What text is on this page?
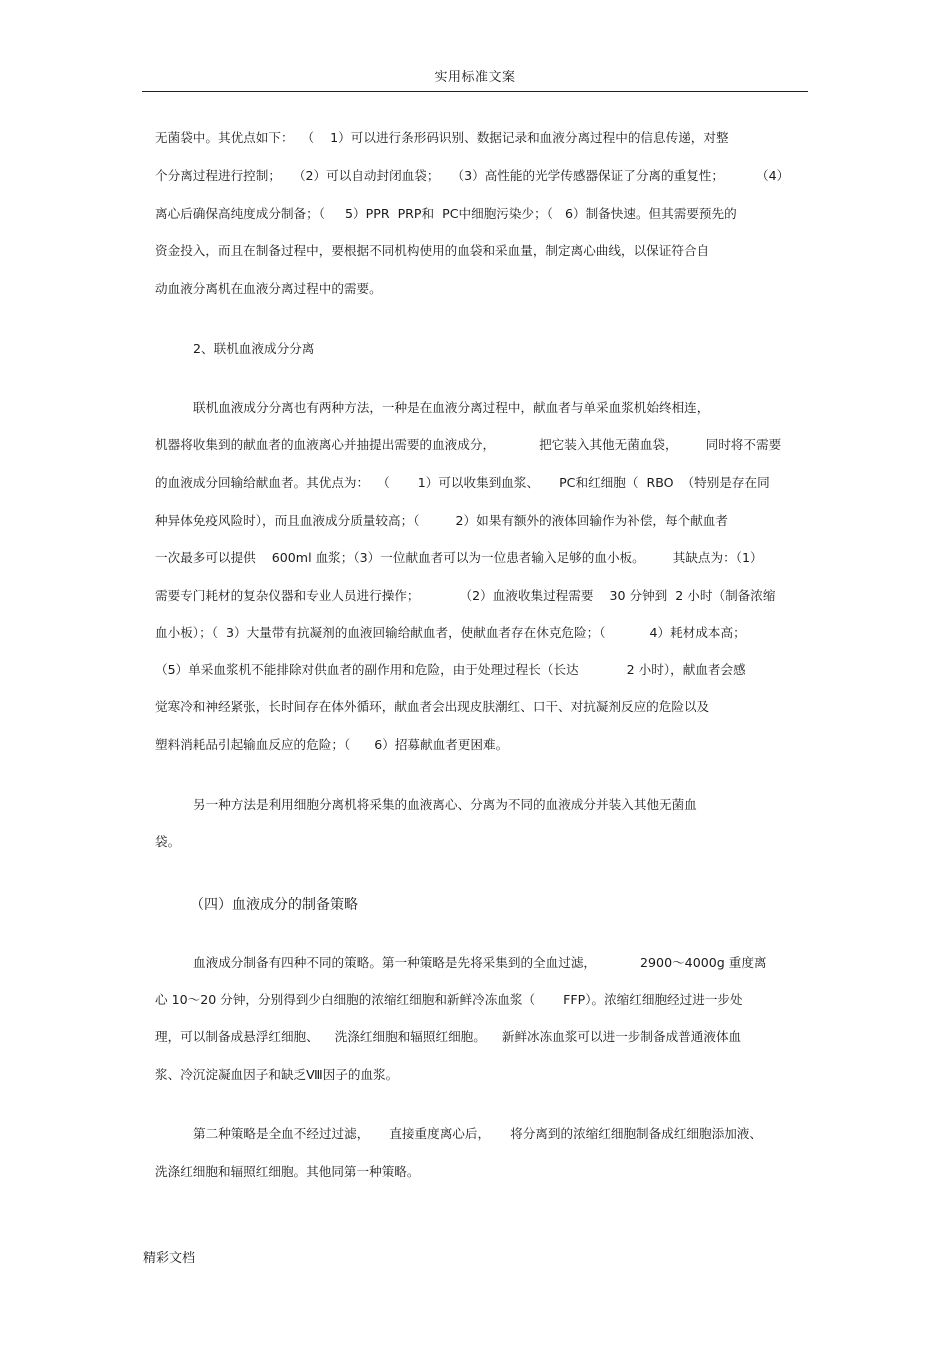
实用标准文案
无菌袋中。其优点如下：  （    1）可以进行条形码识别、数据记录和血液分离过程中的信息传递，对整
个分离过程进行控制；   （2）可以自动封闭血袋；   （3）高性能的光学传感器保证了分离的重复性；        （4）
离心后确保高纯度成分制备；（     5）PPR  PRP和  PC中细胞污染少；（   6）制备快速。但其需要预先的
资金投入，而且在制备过程中，要根据不同机构使用的血袋和采血量，制定离心曲线，以保证符合自
动血液分离机在血液分离过程中的需要。
2、联机血液成分分离
联机血液成分分离也有两种方法，一种是在血液分离过程中，献血者与单采血浆机始终相连，
机器将收集到的献血者的血液离心并抽提出需要的血液成分，           把它装入其他无菌血袋，       同时将不需要
的血液成分回输给献血者。其优点为：  （       1）可以收集到血浆、     PC和红细胞（  RBO  （特别是存在同
种异体免疫风险时），而且血液成分质量较高；（         2）如果有额外的液体回输作为补偿，每个献血者
一次最多可以提供    600ml 血浆；（3）一位献血者可以为一位患者输入足够的血小板。       其缺点为：（1）
需要专门耗材的复杂仪器和专业人员进行操作；          （2）血液收集过程需要    30 分钟到  2 小时（制备浓缩
血小板）；（  3）大量带有抗凝剂的血液回输给献血者，使献血者存在休克危险；（           4）耗材成本高；
（5）单采血浆机不能排除对供血者的副作用和危险，由于处理过程长（长达            2 小时），献血者会感
觉寒冷和神经紧张，长时间存在体外循环，献血者会出现皮肤潮红、口干、对抗凝剂反应的危险以及
塑料消耗品引起输血反应的危险；（      6）招募献血者更困难。
另一种方法是利用细胞分离机将采集的血液离心、分离为不同的血液成分并装入其他无菌血
袋。
（四）血液成分的制备策略
血液成分制备有四种不同的策略。第一种策略是先将采集到的全血过滤，           2900～4000g 重度离
心 10～20 分钟，分别得到少白细胞的浓缩红细胞和新鲜冷冻血浆（       FFP）。浓缩红细胞经过进一步处
理，可以制备成悬浮红细胞、    洗涤红细胞和辐照红细胞。    新鲜冰冻血浆可以进一步制备成普通液体血
浆、冷沉淀凝血因子和缺乏Ⅷ因子的血浆。
第二种策略是全血不经过过滤，     直接重度离心后，     将分离到的浓缩红细胞制备成红细胞添加液、
洗涤红细胞和辐照红细胞。其他同第一种策略。
精彩文档
